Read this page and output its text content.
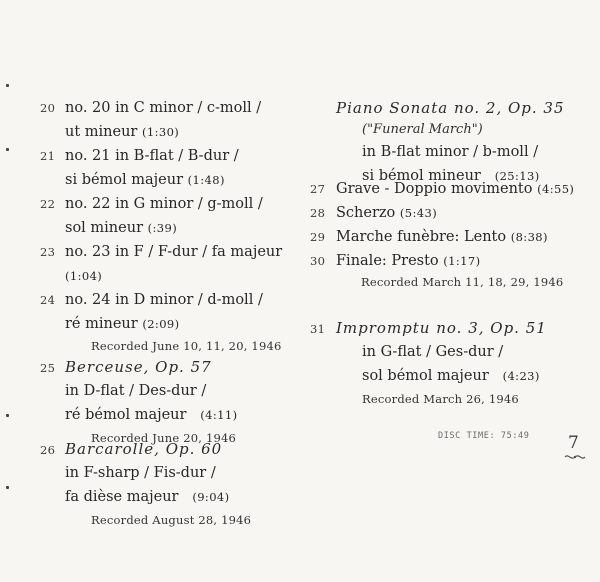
20 no. 20 in C minor / c-moll /
ut mineur (1:30)
21 no. 21 in B-flat / B-dur /
si bémol majeur (1:48)
22 no. 22 in G minor / g-moll /
sol mineur (:39)
23 no. 23 in F / F-dur / fa majeur
(1:04)
24 no. 24 in D minor / d-moll /
ré mineur (2:09)
Recorded June 10, 11, 20, 1946
25 Berceuse, Op. 57
in D-flat / Des-dur /
ré bémol majeur (4:11)
Recorded June 20, 1946
26 Barcarolle, Op. 60
in F-sharp / Fis-dur /
fa dièse majeur (9:04)
Recorded August 28, 1946
Piano Sonata no. 2, Op. 35
("Funeral March")
in B-flat minor / b-moll /
si bémol mineur (25:13)
27 Grave - Doppio movimento (4:55)
28 Scherzo (5:43)
29 Marche funèbre: Lento (8:38)
30 Finale: Presto (1:17)
Recorded March 11, 18, 29, 1946
31 Impromptu no. 3, Op. 51
in G-flat / Ges-dur /
sol bémol majeur (4:23)
Recorded March 26, 1946
DISC TIME: 75:49 7
